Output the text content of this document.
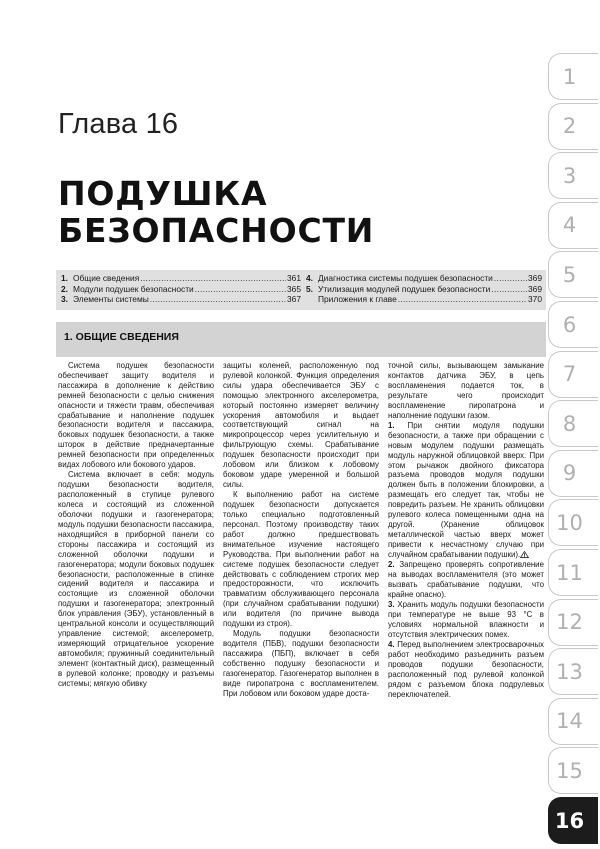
Глава 16
ПОДУШКА
БЕЗОПАСНОСТИ
1. Общие сведения .....	361
2. Модули подушек безопасности .....	365
3. Элементы системы .....	367
4. Диагностика системы подушек безопасности .....	369
5. Утилизация модулей подушек безопасности .....	369
Приложения к главе .....	370
1. ОБЩИЕ СВЕДЕНИЯ

Система подушек безопасности обеспечивает защиту водителя и пассажира в дополнение к действию ремней безопасности с целью снижения опасности и тяжести травм, обеспечивая срабатывание и наполнение подушек безопасности водителя и пассажира, боковых подушек безопасности, а также шторок в действие предначертанные ремней безопасности при определенных видах лобового или бокового ударов.

Система включает в себя: модуль подушки безопасности водителя, расположенный в ступице рулевого колеса и состоящий из сложенной оболочки подушки и газогенератора; модуль подушки безопасности пассажира, находящийся в приборной панели со стороны пассажира и состоящий из сложенной оболочки подушки и газогенератора; модули боковых подушек безопасности, расположенные в спинке сидений водителя и пассажира и состоящие из сложенной оболочки подушки и газогенератора; электронный блок управления (ЭБУ), установленный в центральной консоли и осуществляющий управление системой; акселерометр, измеряющий отрицательное ускорение автомобиля; пружинный соединительный элемент (контактный диск), размещенный в рулевой колонке; проводку и разъемы системы; мягкую обивку

защиты коленей, расположенную под рулевой колонкой. Функция определения силы удара обеспечивается ЭБУ с помощью электронного акселерометра, который постоянно измеряет величину ускорения автомобиля и выдает соответствующий сигнал на микропроцессор через усилительную и фильтрующую схемы. Срабатывание подушек безопасности происходит при лобовом или близком к лобовому боковом ударе умеренной и большой силы.

К выполнению работ на системе подушек безопасности допускается только специально подготовленный персонал. Поэтому производству таких работ должно предшествовать внимательное изучение настоящего Руководства. При выполнении работ на системе подушек безопасности следует действовать с соблюдением строгих мер предосторожности, что исключить травматизм обслуживающего персонала (при случайном срабатывании подушки) или водителя (по причине вывода подушки из строя).

Модуль подушки безопасности водителя (ПБВ), подушки безопасности пассажира (ПБП), включает в себя собственно подушку безопасности и газогенератор. Газогенератор выполнен в виде пиропатрона с воспламенителем. При лобовом или боковом ударе доста-

точной силы, вызывающем замыкание контактов датчика ЭБУ, в цепь воспламенения подается ток, в результате чего происходит воспламенение пиропатрона и наполнение подушки газом.

1. При снятии модуля подушки безопасности, а также при обращении с новым модулем подушки размещать модуль наружной облицовкой вверх. При этом рычажок двойного фиксатора разъема проводов модуля подушки должен быть в положении блокировки, а размещать его следует так, чтобы не повредить разъем. Не хранить облицовки рулевого колеса помещенными одна на другой. (Хранение облицовок металлической частью вверх может привести к несчастному случаю при случайном срабатывании подушки).

2. Запрещено проверять сопротивление на выводах воспламенителя (это может вызвать срабатывание подушки, что крайне опасно).

3. Хранить модуль подушки безопасности при температуре не выше 93 °С в условиях нормальной влажности и отсутствия электрических помех.

4. Перед выполнением электросварочных работ необходимо разъединить разъем проводов подушки безопасности, расположенный под рулевой колонкой рядом с разъемом блока подрулевых переключателей.

1
2
3
4
5
6
7
8
9
10
11
12
13
14
15
16
